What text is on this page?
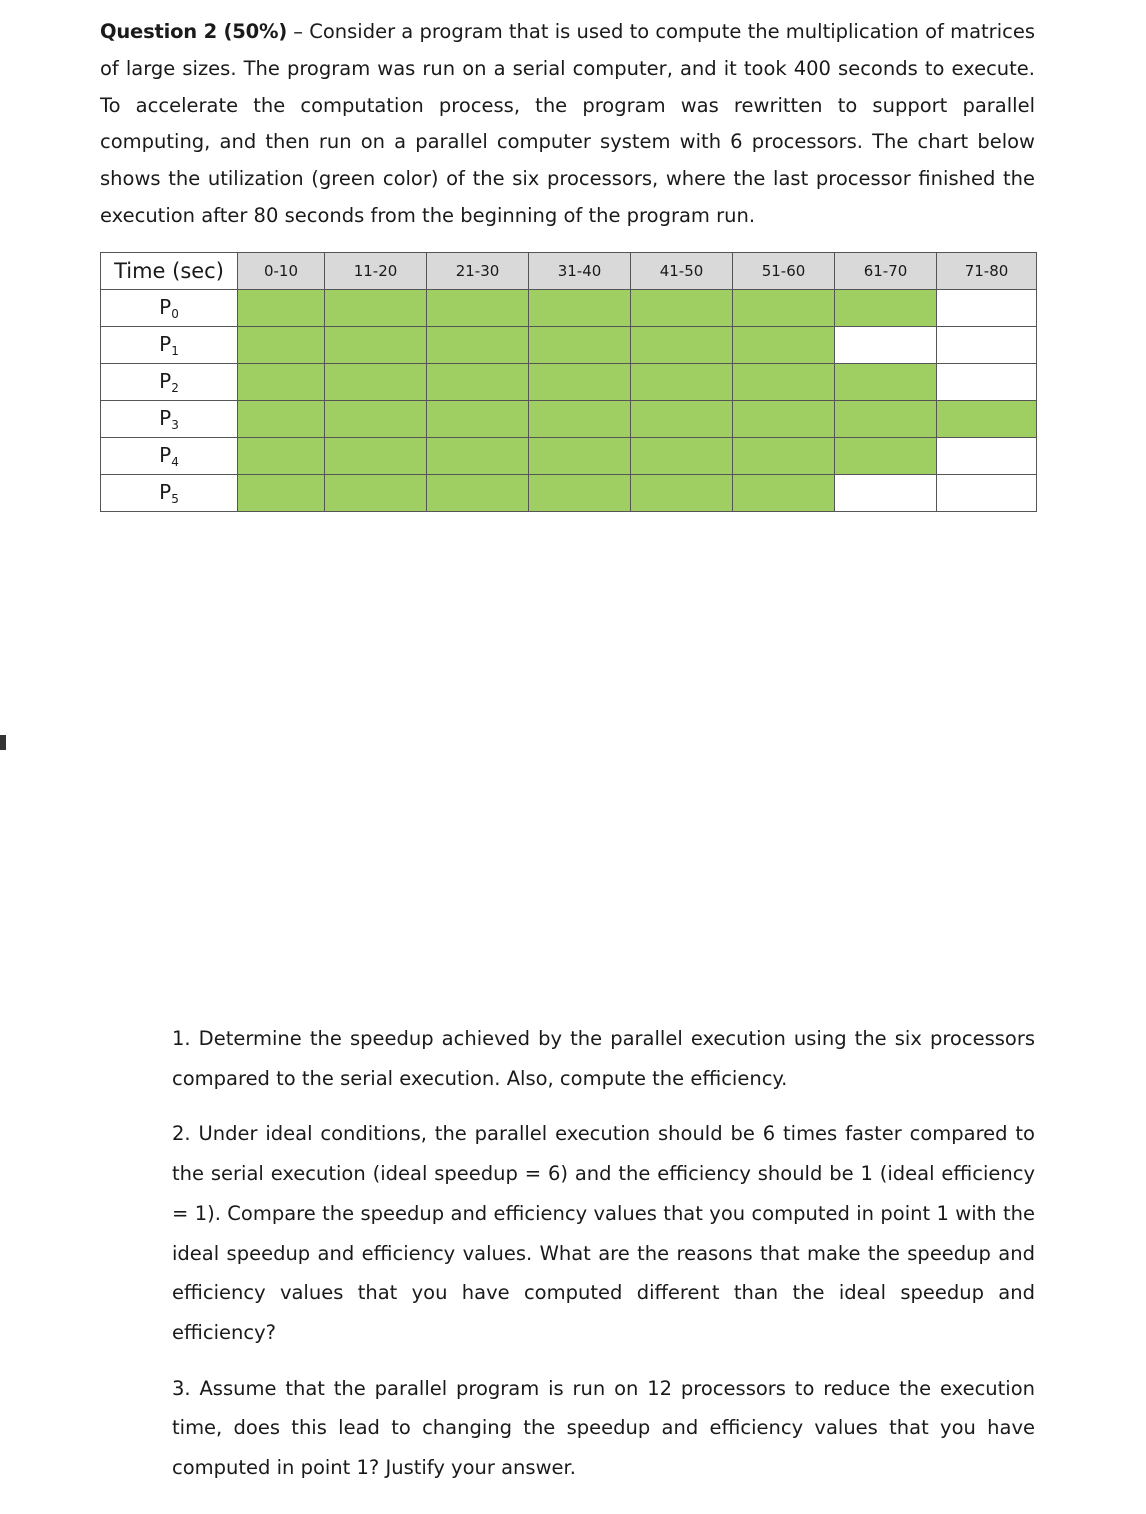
Question 2 (50%) – Consider a program that is used to compute the multiplication of matrices of large sizes. The program was run on a serial computer, and it took 400 seconds to execute. To accelerate the computation process, the program was rewritten to support parallel computing, and then run on a parallel computer system with 6 processors. The chart below shows the utilization (green color) of the six processors, where the last processor finished the execution after 80 seconds from the beginning of the program run.

Time (sec)	0-10	11-20	21-30	31-40	41-50	51-60	61-70	71-80
$P_0$								
$P_1$								
$P_2$								
$P_3$								
$P_4$								
$P_5$								
1. Determine the speedup achieved by the parallel execution using the six processors compared to the serial execution. Also, compute the efficiency.
2. Under ideal conditions, the parallel execution should be 6 times faster compared to the serial execution (ideal speedup = 6) and the efficiency should be 1 (ideal efficiency = 1). Compare the speedup and efficiency values that you computed in point 1 with the ideal speedup and efficiency values. What are the reasons that make the speedup and efficiency values that you have computed different than the ideal speedup and efficiency?
3. Assume that the parallel program is run on 12 processors to reduce the execution time, does this lead to changing the speedup and efficiency values that you have computed in point 1? Justify your answer.
